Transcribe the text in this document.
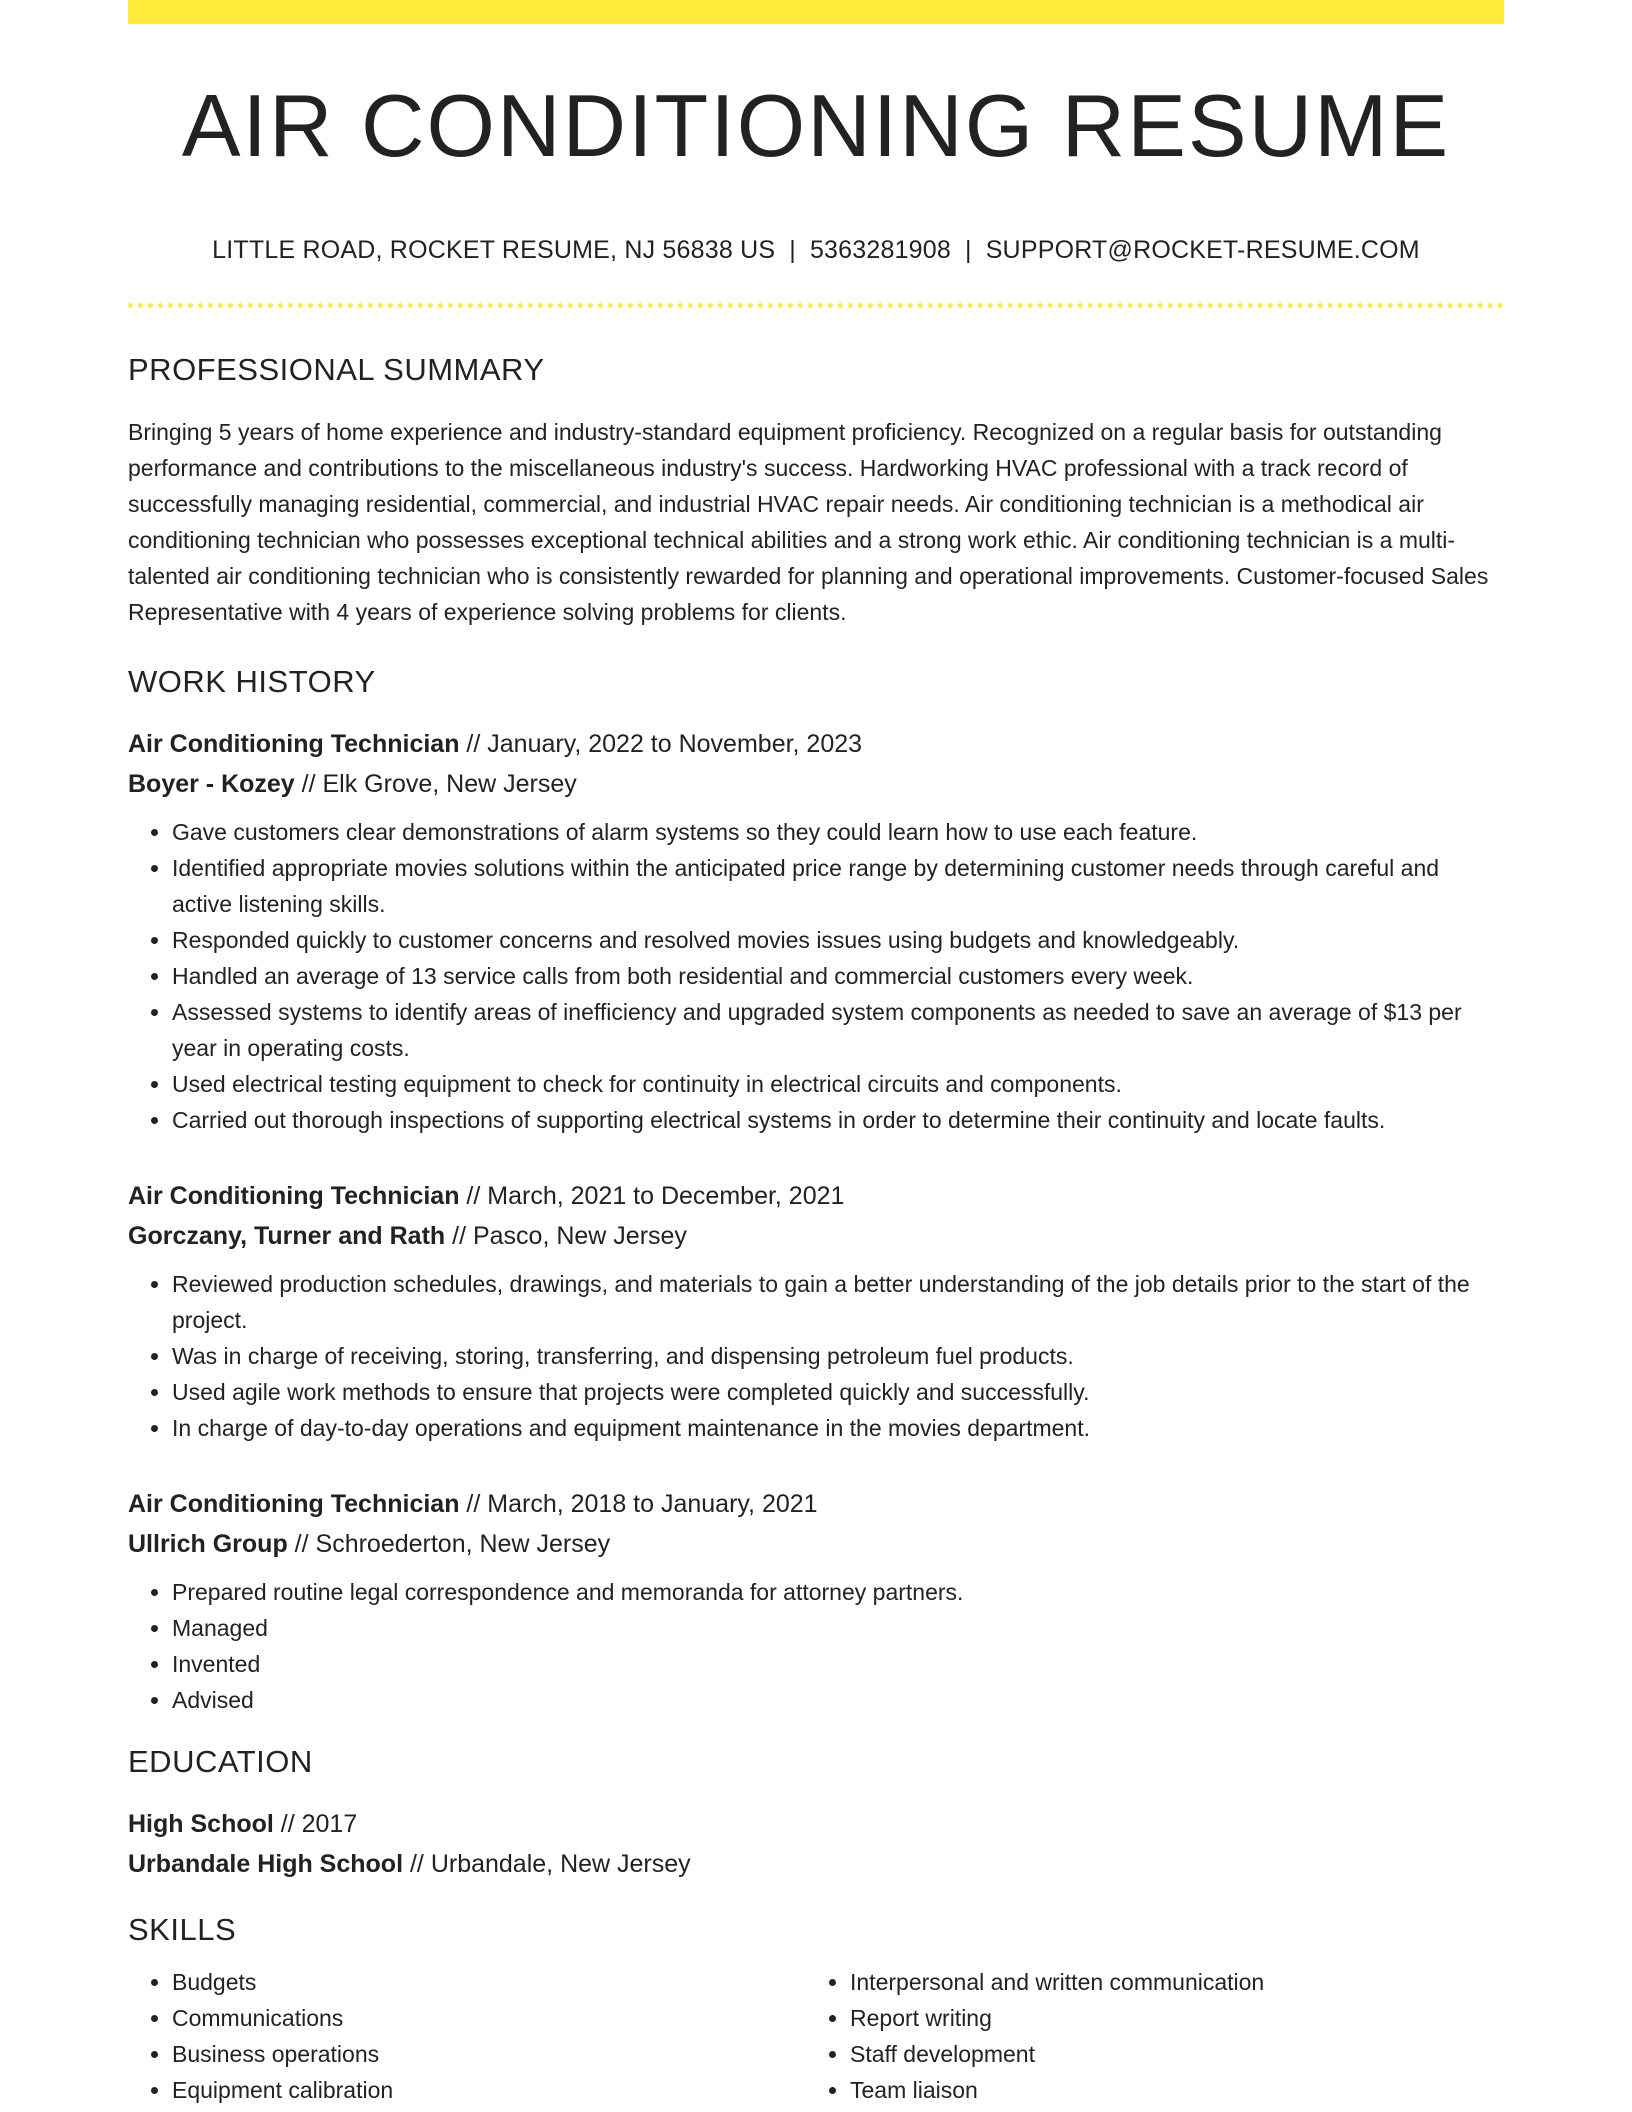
AIR CONDITIONING RESUME
LITTLE ROAD, ROCKET RESUME, NJ 56838 US | 5363281908 | SUPPORT@ROCKET-RESUME.COM
PROFESSIONAL SUMMARY

Bringing 5 years of home experience and industry-standard equipment proficiency. Recognized on a regular basis for outstanding performance and contributions to the miscellaneous industry's success. Hardworking HVAC professional with a track record of successfully managing residential, commercial, and industrial HVAC repair needs. Air conditioning technician is a methodical air conditioning technician who possesses exceptional technical abilities and a strong work ethic. Air conditioning technician is a multi-talented air conditioning technician who is consistently rewarded for planning and operational improvements. Customer-focused Sales Representative with 4 years of experience solving problems for clients.

WORK HISTORY
Air Conditioning Technician // January, 2022 to November, 2023
Boyer - Kozey // Elk Grove, New Jersey
• Gave customers clear demonstrations of alarm systems so they could learn how to use each feature.
• Identified appropriate movies solutions within the anticipated price range by determining customer needs through careful and active listening skills.
• Responded quickly to customer concerns and resolved movies issues using budgets and knowledgeably.
• Handled an average of 13 service calls from both residential and commercial customers every week.
• Assessed systems to identify areas of inefficiency and upgraded system components as needed to save an average of $13 per year in operating costs.
• Used electrical testing equipment to check for continuity in electrical circuits and components.
• Carried out thorough inspections of supporting electrical systems in order to determine their continuity and locate faults.
Air Conditioning Technician // March, 2021 to December, 2021
Gorczany, Turner and Rath // Pasco, New Jersey
• Reviewed production schedules, drawings, and materials to gain a better understanding of the job details prior to the start of the project.
• Was in charge of receiving, storing, transferring, and dispensing petroleum fuel products.
• Used agile work methods to ensure that projects were completed quickly and successfully.
• In charge of day-to-day operations and equipment maintenance in the movies department.
Air Conditioning Technician // March, 2018 to January, 2021
Ullrich Group // Schroederton, New Jersey
• Prepared routine legal correspondence and memoranda for attorney partners.
• Managed
• Invented
• Advised
EDUCATION
High School // 2017
Urbandale High School // Urbandale, New Jersey
SKILLS
• Budgets
• Communications
• Business operations
• Equipment calibration
• Interpersonal and written communication
• Report writing
• Staff development
• Team liaison
